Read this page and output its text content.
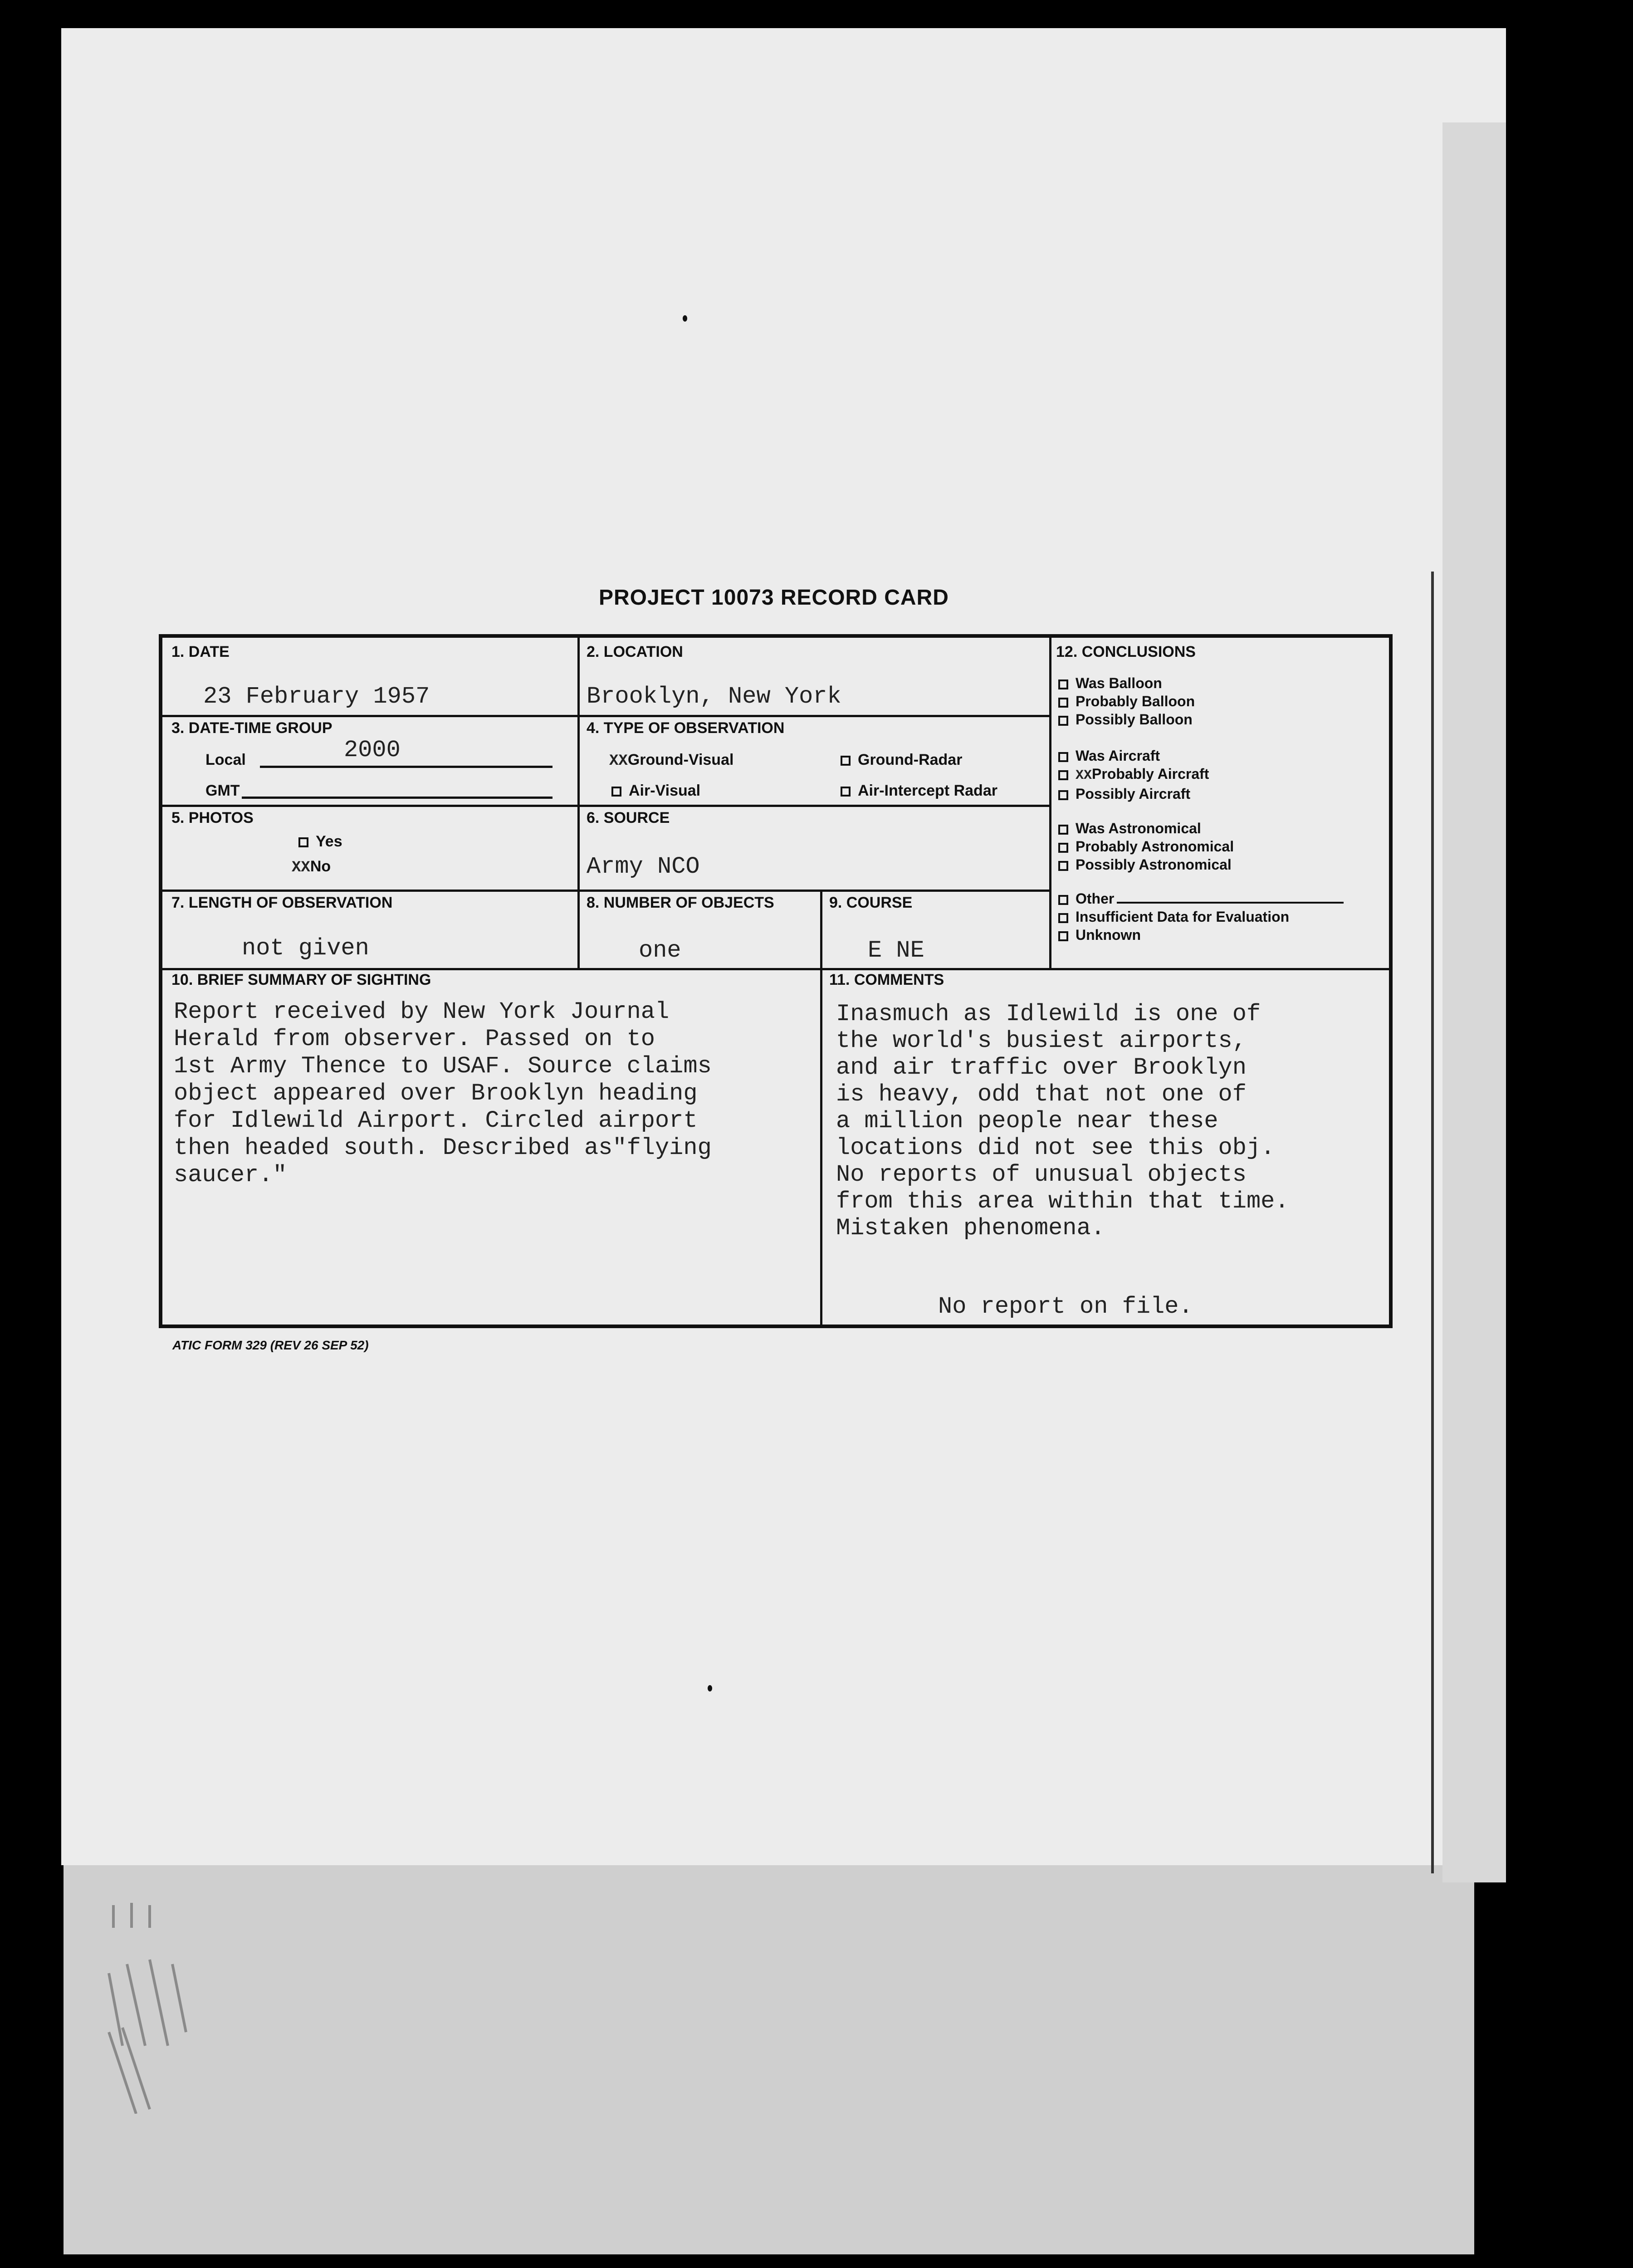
PROJECT 10073 RECORD CARD
1. DATE
23 February 1957
2. LOCATION
Brooklyn, New York
3. DATE-TIME GROUP
Local	2000
GMT
4. TYPE OF OBSERVATION
XXGround-Visual	Ground-Radar
Air-Visual	Air-Intercept Radar
5. PHOTOS
Yes
XXNo
6. SOURCE
Army NCO
7. LENGTH OF OBSERVATION
not given
8. NUMBER OF OBJECTS
one
9. COURSE
E NE
12. CONCLUSIONS
Was Balloon
Probably Balloon
Possibly Balloon
Was Aircraft
XXProbably Aircraft
Possibly Aircraft
Was Astronomical
Probably Astronomical
Possibly Astronomical
Other
Insufficient Data for Evaluation
Unknown
10. BRIEF SUMMARY OF SIGHTING
Report received by New York Journal
Herald from observer. Passed on to
1st Army Thence to USAF. Source claims
object appeared over Brooklyn heading
for Idlewild Airport. Circled airport
then headed south. Described as"flying
saucer."
11. COMMENTS
Inasmuch as Idlewild is one of
the world's busiest airports,
and air traffic over Brooklyn
is heavy, odd that not one of
a million people near these
locations did not see this obj.
No reports of unusual objects
from this area within that time.
Mistaken phenomena.
No report on file.
ATIC FORM 329 (REV 26 SEP 52)
